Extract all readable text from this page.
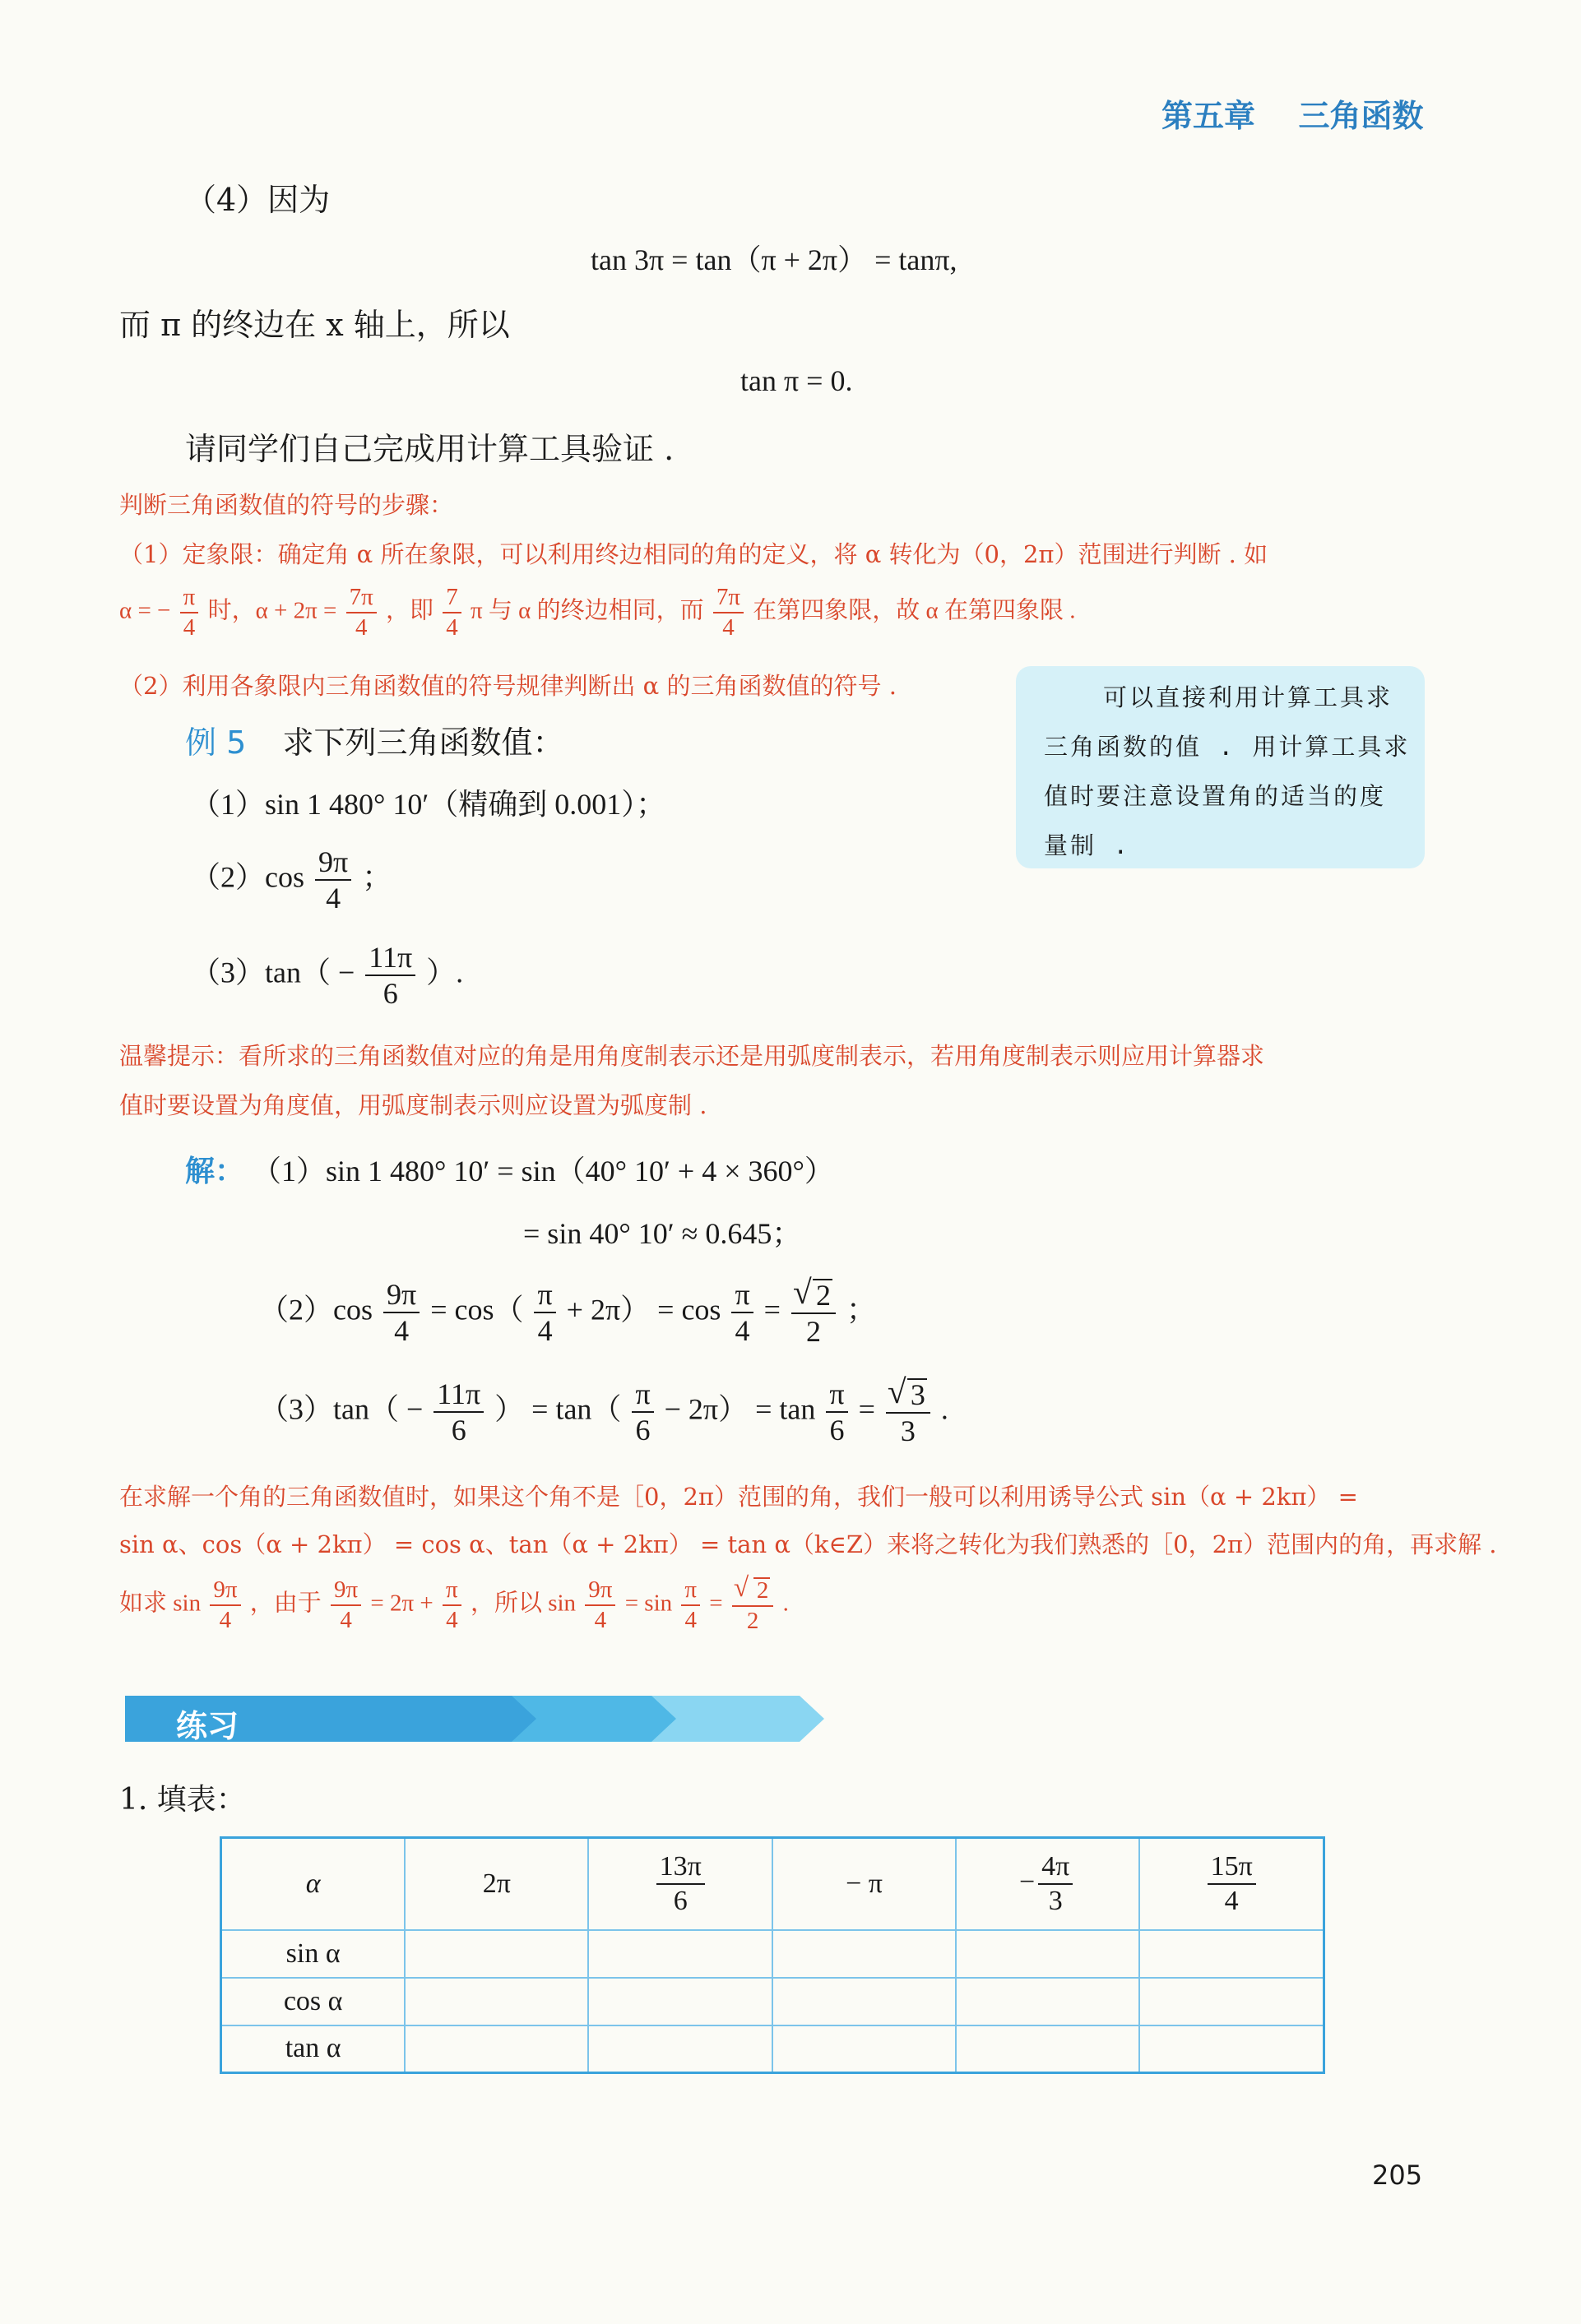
第五章 三角函数
（4）因为
tan 3π = tan（π + 2π） = tanπ,
而 π 的终边在 x 轴上，所以
tan π = 0.
请同学们自己完成用计算工具验证 .
判断三角函数值的符号的步骤：
（1）定象限：确定角 α 所在象限，可以利用终边相同的角的定义，将 α 转化为（0，2π）范围进行判断 . 如
α = − $\frac{\pi}{4}$ 时，$\alpha + 2\pi = \frac{7\pi}{4}$ ，即 $\frac{7}{4}$ π 与 α 的终边相同，而 $\frac{7\pi}{4}$ 在第四象限，故 α 在第四象限 .
（2）利用各象限内三角函数值的符号规律判断出 α 的三角函数值的符号 .	可以直接利用计算工具求
三角函数的值 . 用计算工具求
值时要注意设置角的适当的度
量制 .
例 5 求下列三角函数值：
（1）sin 1 480° 10′（精确到 0.001）；
$(2)\cos \frac{9\pi}{4}$ ；
$(3)\tan( - \frac{11\pi}{6}$ ）.
温馨提示：看所求的三角函数值对应的角是用角度制表示还是用弧度制表示，若用角度制表示则应用计算器求
值时要设置为角度值，用弧度制表示则应设置为弧度制 .
解： （1）sin 1 480° 10′ = sin（40° 10′ + 4 × 360°）
= sin 40° 10′ ≈ 0.645；
$(2)\cos \frac{9\pi}{4} = \cos( \frac{\pi}{4} + 2\pi) = \cos \frac{\pi}{4}$ = √ $\frac{2}{2}$ ；
$(3)\tan( - \frac{11\pi}{6}$ ） = $\tan( \frac{\pi}{6} - 2\pi) = \tan \frac{\pi}{6}$ = √ $\frac{3}{3}$ .
在求解一个角的三角函数值时，如果这个角不是［0，2π）范围的角，我们一般可以利用诱导公式 sin（α + 2kπ） =
sin α、cos（α + 2kπ） = cos α、tan（α + 2kπ） = tan α（k∈Z）来将之转化为我们熟悉的［0，2π）范围内的角，再求解 .
如求 $\sin \frac{9\pi}{4}$ ，由于 $\frac{9\pi}{4} = 2\pi + \frac{\pi}{4}$ ，所以 $\sin \frac{9\pi}{4} = \sin \frac{\pi}{4}$ = √ $\frac{2}{2}$ .
练习
1. 填表：
α	2π	$\frac{13\pi}{6}$	− π	− $\frac{4\pi}{3}$	$\frac{15\pi}{4}$

sin α					
cos α					
tan α					
205
